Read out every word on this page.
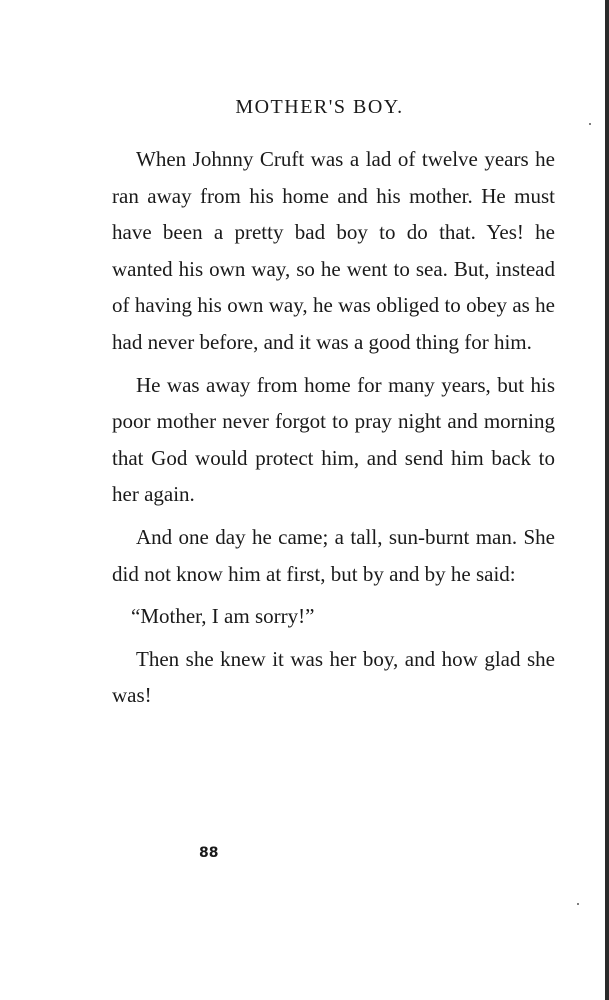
MOTHER'S BOY.

When Johnny Cruft was a lad of twelve years he ran away from his home and his mother. He must have been a pretty bad boy to do that. Yes! he wanted his own way, so he went to sea. But, instead of having his own way, he was obliged to obey as he had never before, and it was a good thing for him.

He was away from home for many years, but his poor mother never forgot to pray night and morning that God would protect him, and send him back to her again.

And one day he came; a tall, sun-burnt man. She did not know him at first, but by and by he said:

“Mother, I am sorry!”

Then she knew it was her boy, and how glad she was!

88
